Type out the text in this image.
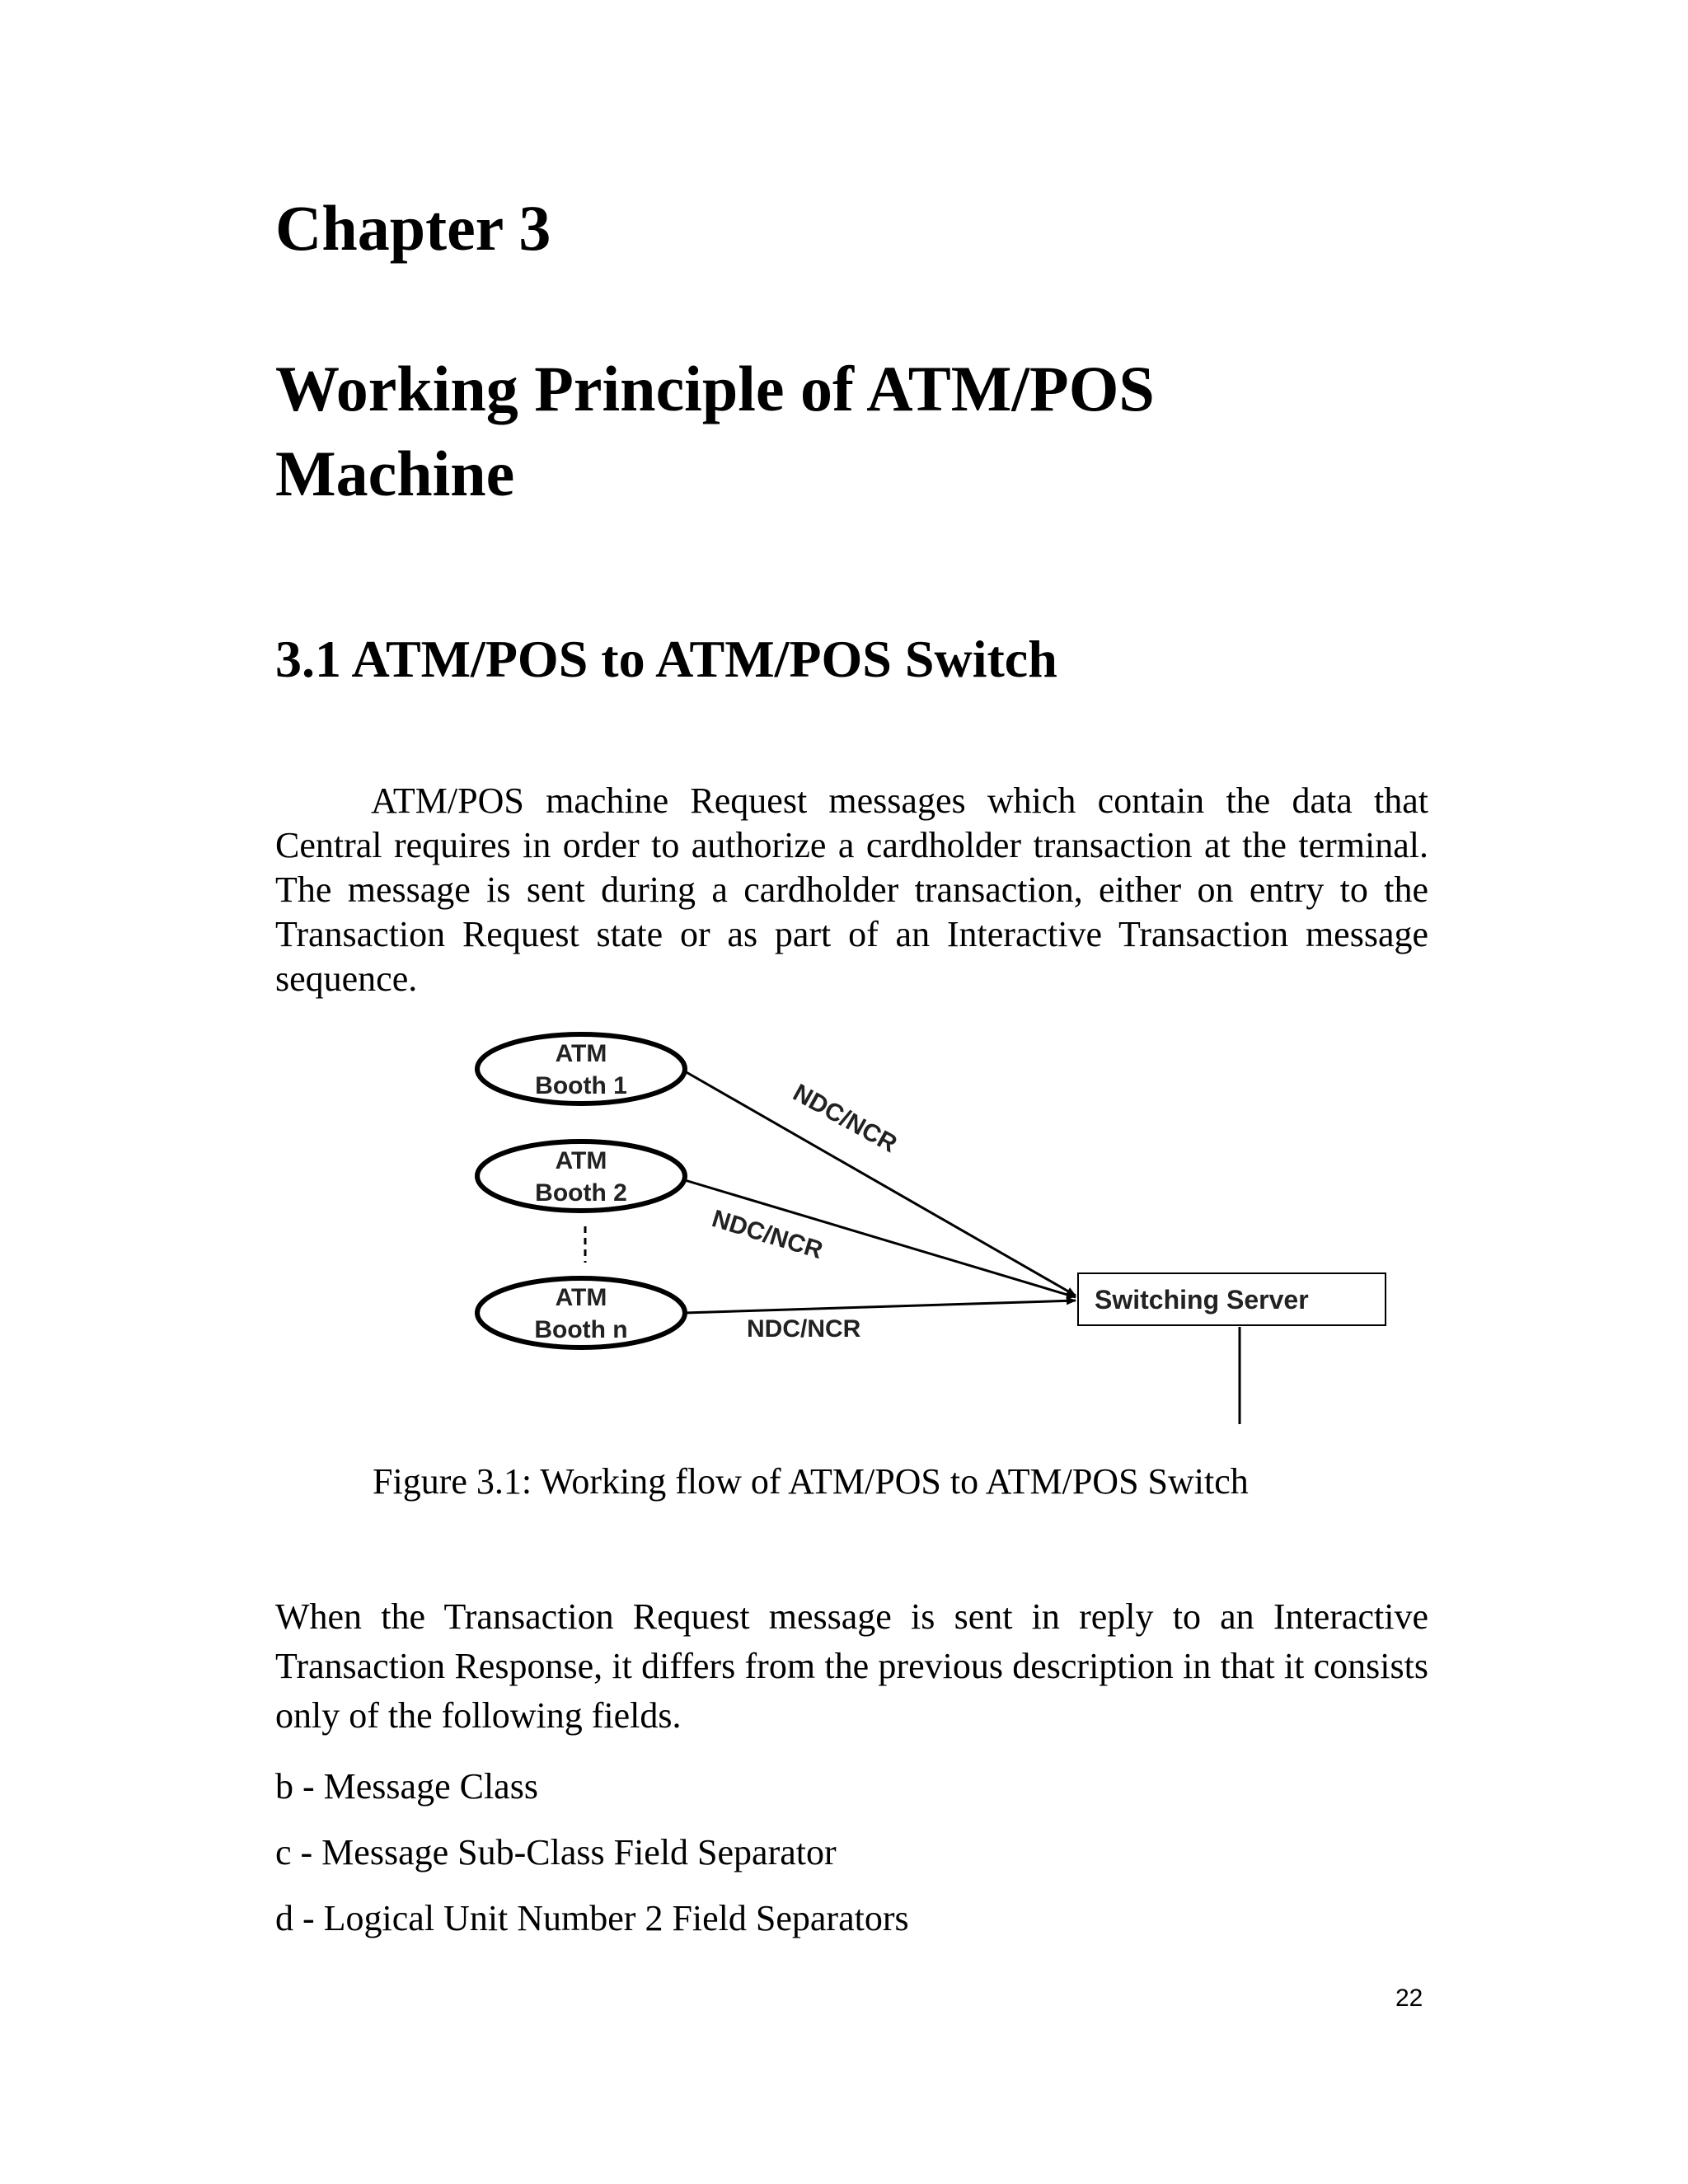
Chapter 3
Working Principle of ATM/POS
Machine
3.1 ATM/POS to ATM/POS Switch
ATM/POS machine Request messages which contain the data that Central requires in order to authorize a cardholder transaction at the terminal. The message is sent during a cardholder transaction, either on entry to the Transaction Request state or as part of an Interactive Transaction message sequence.
ATM
Booth 1
ATM
Booth 2
ATM
Booth n
Switching Server
NDC/NCR
NDC/NCR
NDC/NCR
Figure 3.1: Working flow of ATM/POS to ATM/POS Switch
When the Transaction Request message is sent in reply to an Interactive Transaction Response, it differs from the previous description in that it consists only of the following fields.
b - Message Class
c - Message Sub-Class Field Separator
d - Logical Unit Number 2 Field Separators
22
